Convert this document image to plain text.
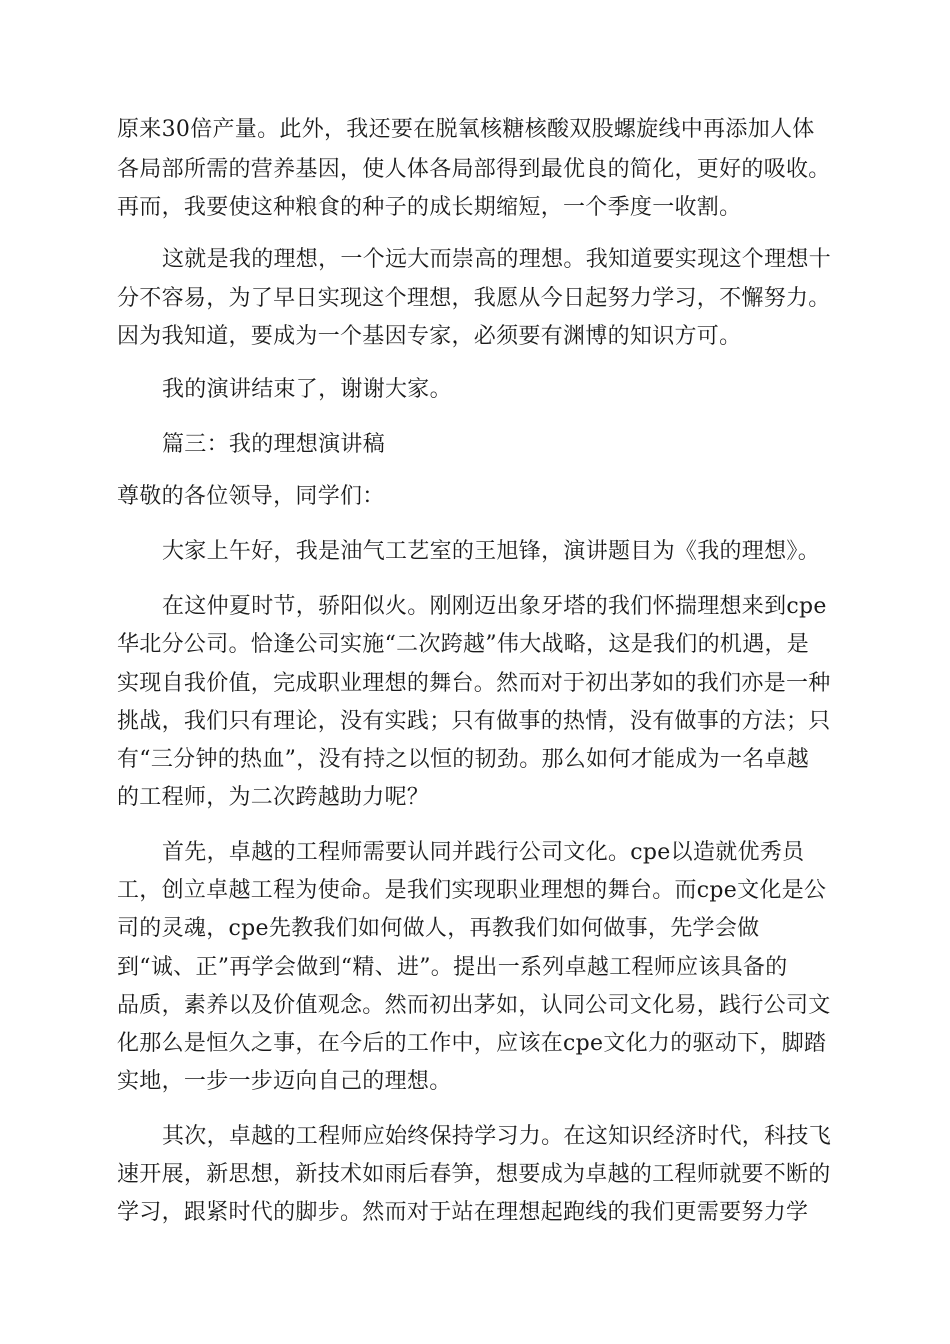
原来30倍产量。此外，我还要在脱氧核糖核酸双股螺旋线中再添加人体
各局部所需的营养基因，使人体各局部得到最优良的简化，更好的吸收。
再而，我要使这种粮食的种子的成长期缩短，一个季度一收割。
这就是我的理想，一个远大而崇高的理想。我知道要实现这个理想十
分不容易，为了早日实现这个理想，我愿从今日起努力学习，不懈努力。
因为我知道，要成为一个基因专家，必须要有渊博的知识方可。
我的演讲结束了，谢谢大家。
篇三：我的理想演讲稿
尊敬的各位领导，同学们：
大家上午好，我是油气工艺室的王旭锋，演讲题目为《我的理想》。
在这仲夏时节，骄阳似火。刚刚迈出象牙塔的我们怀揣理想来到cpe
华北分公司。恰逢公司实施“二次跨越”伟大战略，这是我们的机遇，是
实现自我价值，完成职业理想的舞台。然而对于初出茅如的我们亦是一种
挑战，我们只有理论，没有实践；只有做事的热情，没有做事的方法；只
有“三分钟的热血”，没有持之以恒的韧劲。那么如何才能成为一名卓越
的工程师，为二次跨越助力呢？
首先，卓越的工程师需要认同并践行公司文化。cpe以造就优秀员
工，创立卓越工程为使命。是我们实现职业理想的舞台。而cpe文化是公
司的灵魂，cpe先教我们如何做人，再教我们如何做事，先学会做
到“诚、正”再学会做到“精、进”。提出一系列卓越工程师应该具备的
品质，素养以及价值观念。然而初出茅如，认同公司文化易，践行公司文
化那么是恒久之事，在今后的工作中，应该在cpe文化力的驱动下，脚踏
实地，一步一步迈向自己的理想。
其次，卓越的工程师应始终保持学习力。在这知识经济时代，科技飞
速开展，新思想，新技术如雨后春笋，想要成为卓越的工程师就要不断的
学习，跟紧时代的脚步。然而对于站在理想起跑线的我们更需要努力学
